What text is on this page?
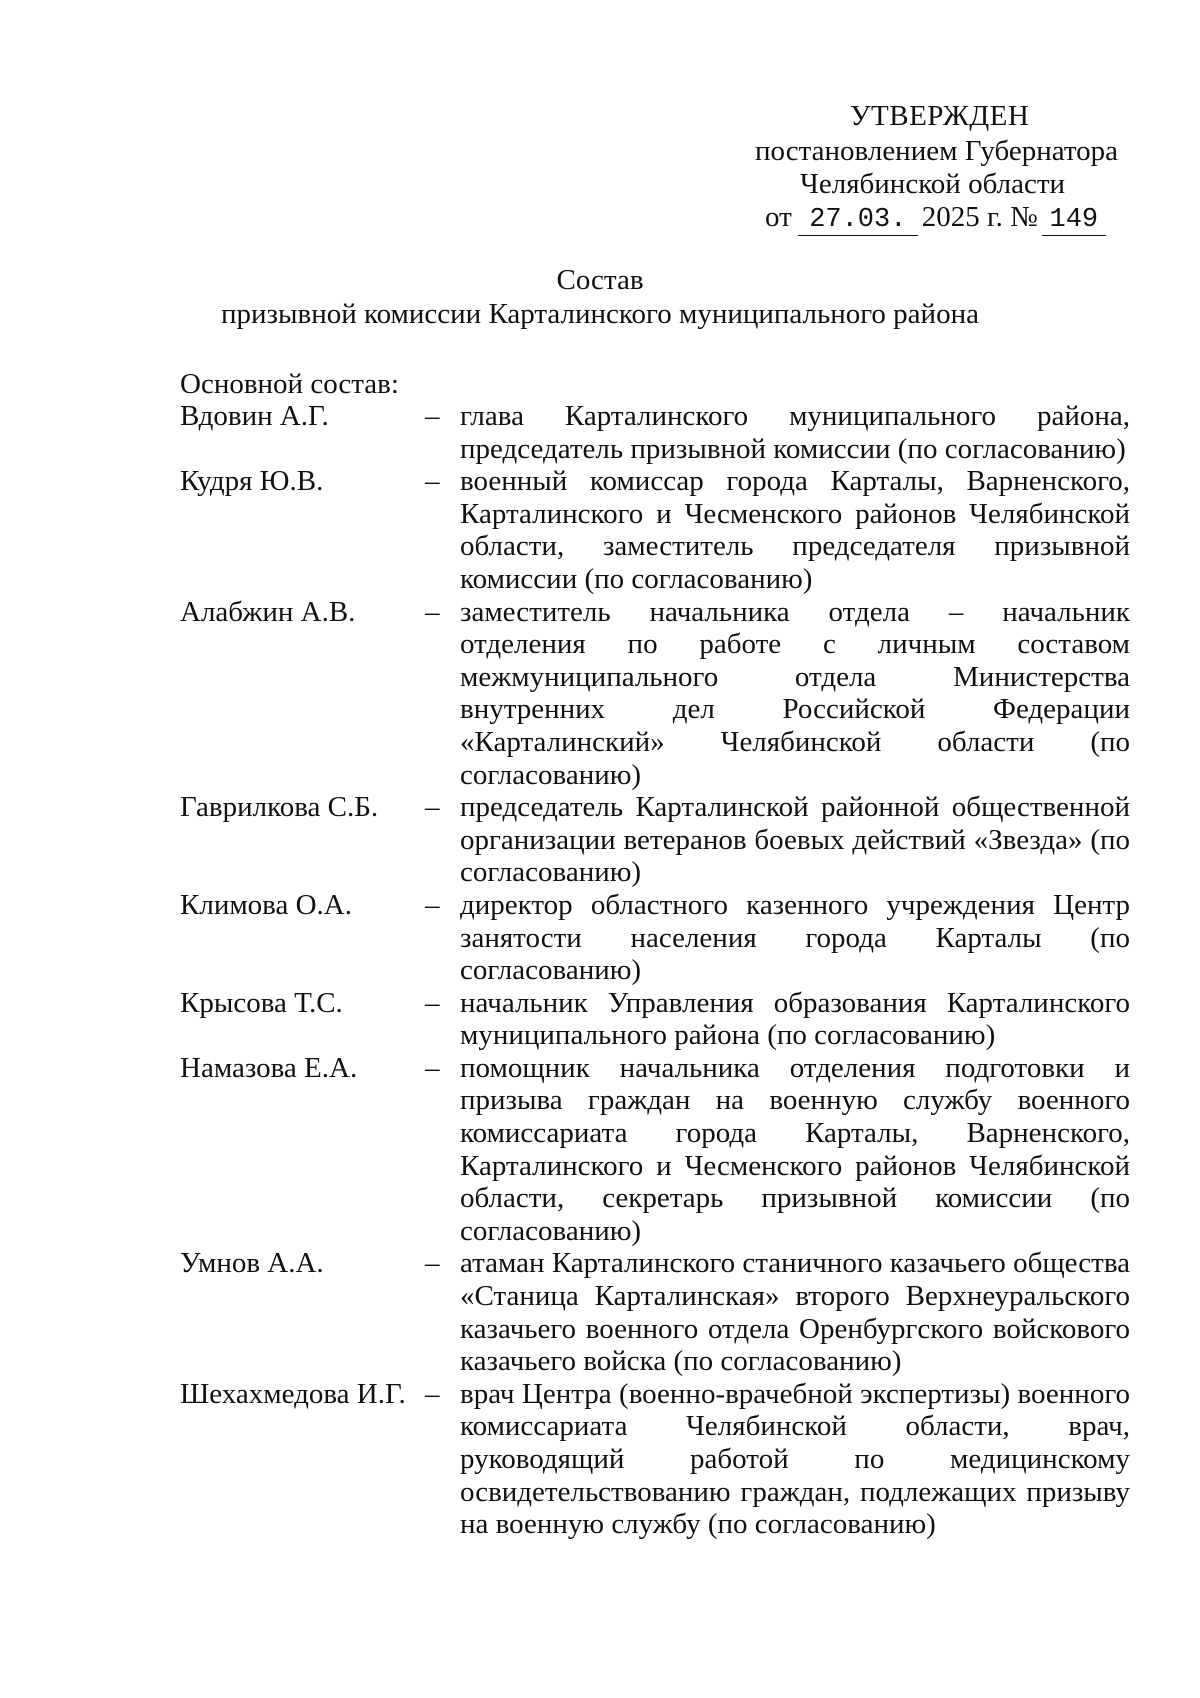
УТВЕРЖДЕН
постановлением Губернатора
Челябинской области
от 27.03. 2025 г. № 149
Состав
призывной комиссии Карталинского муниципального района
Основной состав:
Вдовин А.Г.	– глава Карталинского муниципального района, председатель призывной комиссии (по согласованию)
Кудря Ю.В.	– военный комиссар города Карталы, Варненского, Карталинского и Чесменского районов Челябинской области, заместитель председателя призывной комиссии (по согласованию)
Алабжин А.В.	– заместитель начальника отдела – начальник отделения по работе с личным составом межмуниципального отдела Министерства внутренних дел Российской Федерации «Карталинский» Челябинской области (по согласованию)
Гаврилкова С.Б.	– председатель Карталинской районной общественной организации ветеранов боевых действий «Звезда» (по согласованию)
Климова О.А.	– директор областного казенного учреждения Центр занятости населения города Карталы (по согласованию)
Крысова Т.С.	– начальник Управления образования Карталинского муниципального района (по согласованию)
Намазова Е.А.	– помощник начальника отделения подготовки и призыва граждан на военную службу военного комиссариата города Карталы, Варненского, Карталинского и Чесменского районов Челябинской области, секретарь призывной комиссии (по согласованию)
Умнов А.А.	– атаман Карталинского станичного казачьего общества «Станица Карталинская» второго Верхнеуральского казачьего военного отдела Оренбургского войскового казачьего войска (по согласованию)
Шехахмедова И.Г. – врач Центра (военно-врачебной экспертизы) военного комиссариата Челябинской области, врач, руководящий работой по медицинскому освидетельствованию граждан, подлежащих призыву на военную службу (по согласованию)
